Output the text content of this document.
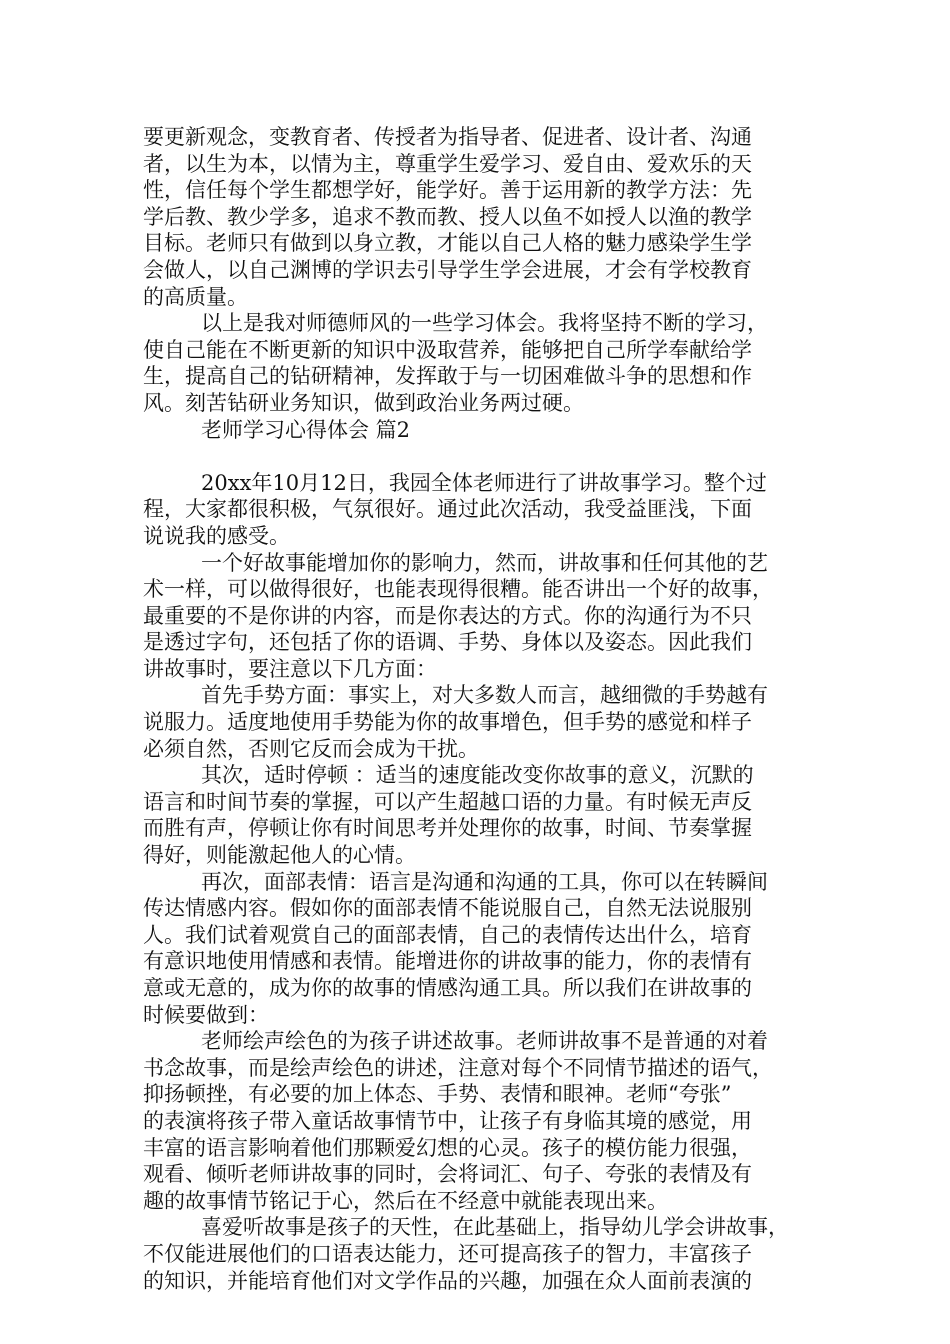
要更新观念，变教育者、传授者为指导者、促进者、设计者、沟通
者，以生为本，以情为主，尊重学生爱学习、爱自由、爱欢乐的天
性，信任每个学生都想学好，能学好。善于运用新的教学方法：先
学后教、教少学多，追求不教而教、授人以鱼不如授人以渔的教学
目标。老师只有做到以身立教，才能以自己人格的魅力感染学生学
会做人，以自己渊博的学识去引导学生学会进展，才会有学校教育
的高质量。
以上是我对师德师风的一些学习体会。我将坚持不断的学习，
使自己能在不断更新的知识中汲取营养，能够把自己所学奉献给学
生，提高自己的钻研精神，发挥敢于与一切困难做斗争的思想和作
风。刻苦钻研业务知识，做到政治业务两过硬。
老师学习心得体会 篇2
20xx年10月12日，我园全体老师进行了讲故事学习。整个过
程，大家都很积极，气氛很好。通过此次活动，我受益匪浅，下面
说说我的感受。
一个好故事能增加你的影响力，然而，讲故事和任何其他的艺
术一样，可以做得很好，也能表现得很糟。能否讲出一个好的故事，
最重要的不是你讲的内容，而是你表达的方式。你的沟通行为不只
是透过字句，还包括了你的语调、手势、身体以及姿态。因此我们
讲故事时，要注意以下几方面：
首先手势方面：事实上，对大多数人而言，越细微的手势越有
说服力。适度地使用手势能为你的故事增色，但手势的感觉和样子
必须自然，否则它反而会成为干扰。
其次，适时停顿 ：适当的速度能改变你故事的意义，沉默的
语言和时间节奏的掌握，可以产生超越口语的力量。有时候无声反
而胜有声，停顿让你有时间思考并处理你的故事，时间、节奏掌握
得好，则能激起他人的心情。
再次，面部表情：语言是沟通和沟通的工具，你可以在转瞬间
传达情感内容。假如你的面部表情不能说服自己，自然无法说服别
人。我们试着观赏自己的面部表情，自己的表情传达出什么，培育
有意识地使用情感和表情。能增进你的讲故事的能力，你的表情有
意或无意的，成为你的故事的情感沟通工具。所以我们在讲故事的
时候要做到：
老师绘声绘色的为孩子讲述故事。老师讲故事不是普通的对着
书念故事，而是绘声绘色的讲述，注意对每个不同情节描述的语气，
抑扬顿挫，有必要的加上体态、手势、表情和眼神。老师“夸张”
的表演将孩子带入童话故事情节中，让孩子有身临其境的感觉，用
丰富的语言影响着他们那颗爱幻想的心灵。孩子的模仿能力很强，
观看、倾听老师讲故事的同时，会将词汇、句子、夸张的表情及有
趣的故事情节铭记于心，然后在不经意中就能表现出来。
喜爱听故事是孩子的天性，在此基础上，指导幼儿学会讲故事，
不仅能进展他们的口语表达能力，还可提高孩子的智力，丰富孩子
的知识，并能培育他们对文学作品的兴趣，加强在众人面前表演的
